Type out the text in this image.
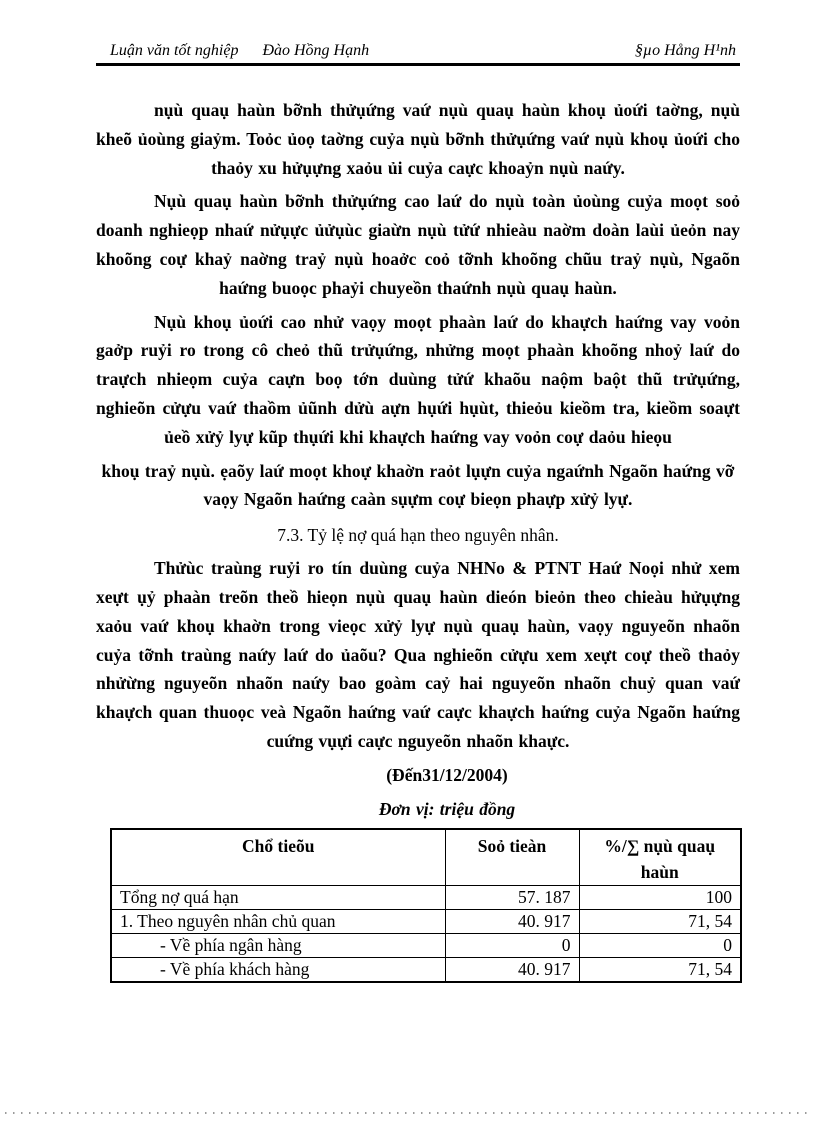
Luận văn tốt nghiệp Đào Hồng Hạnh	§µo Hång H¹nh

nụù quaụ haùn bỡnh thửụứng vaứ nụù quaụ haùn khoụ ủoứi taờng, nụù kheõ ủoùng giaỷm. Toỏc ủoọ taờng cuỷa nụù bỡnh thửụứng vaứ nụù khoụ ủoứi cho thaỏy xu hửụựng xaỏu ủi cuỷa caực khoaỷn nụù naứy.

Nụù quaụ haùn bỡnh thửụứng cao laứ do nụù toàn ủoùng cuỷa moọt soỏ doanh nghieọp nhaứ nửụực ủửụùc giaừn nụù tửứ nhieàu naờm doàn laùi ủeỏn nay khoõng coự khaỷ naờng traỷ nụù hoaởc coỏ tỡnh khoõng chũu traỷ nụù, Ngaõn haứng buoọc phaỷi chuyeồn thaứnh nụù quaụ haùn.

Nụù khoụ ủoứi cao nhử vaọy moọt phaàn laứ do khaựch haứng vay voỏn gaởp ruỷi ro trong cô cheỏ thũ trửụứng, nhửng moọt phaàn khoõng nhoỷ laứ do traựch nhieọm cuỷa caựn boọ tớn duùng tửứ khaõu naộm baột thũ trửụứng, nghieõn cửựu vaứ thaồm ủũnh dửù aựn hụứi hụùt, thieỏu kieồm tra, kieồm soaựt ủeồ xửỷ lyự kũp thụứi khi khaựch haứng vay voỏn coự daỏu hieọu

khoụ traỷ nụù. ẹaõy laứ moọt khoự khaờn raỏt lụựn cuỷa ngaứnh Ngaõn haứng vỡ vaọy Ngaõn haứng caàn sụựm coự bieọn phaựp xửỷ lyự.

7.3. Tỷ lệ nợ quá hạn theo nguyên nhân.

Thửùc traùng ruỷi ro tín duùng cuỷa NHNo & PTNT Haứ Noọi nhử xem xeựt ụỷ phaàn treõn theồ hieọn nụù quaụ haùn dieón bieỏn theo chieàu hửụựng xaỏu vaứ khoụ khaờn trong vieọc xửỷ lyự nụù quaụ haùn, vaọy nguyeõn nhaõn cuỷa tỡnh traùng naứy laứ do ủaõu? Qua nghieõn cửựu xem xeựt coự theồ thaỏy nhửừng nguyeõn nhaõn naứy bao goàm caỷ hai nguyeõn nhaõn chuỷ quan vaứ khaựch quan thuoọc veà Ngaõn haứng vaứ caực khaựch haứng cuỷa Ngaõn haứng cuứng vụựi caực nguyeõn nhaõn khaực.

(Đến31/12/2004)

Đơn vị: triệu đồng

Chổ tieõu	Soỏ tieàn	%/∑ nụù quaụ haùn
Tổng nợ quá hạn	57. 187	100
1. Theo nguyên nhân chủ quan	40. 917	71, 54
- Về phía ngân hàng	0	0
- Về phía khách hàng	40. 917	71, 54
